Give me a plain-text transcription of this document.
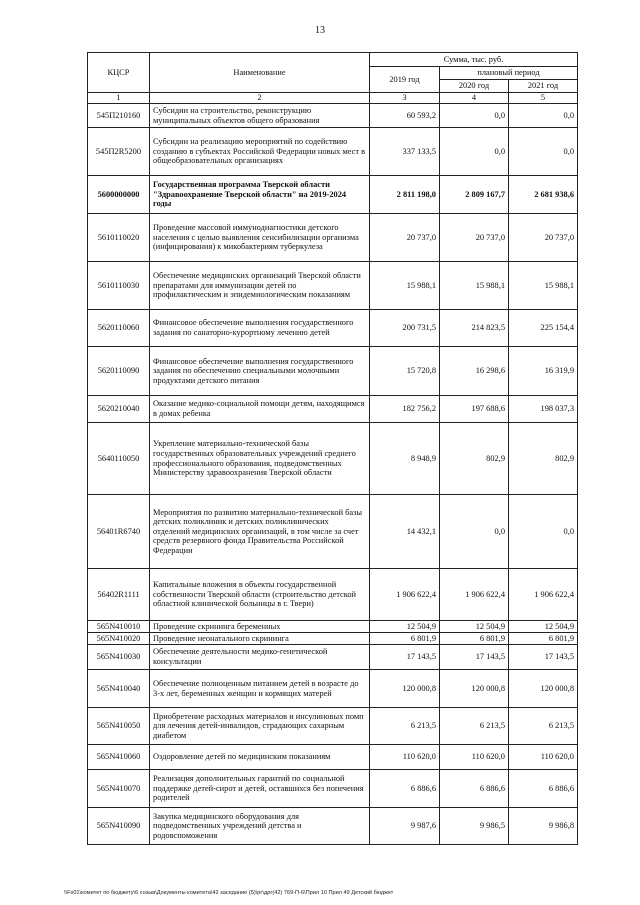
13
КЦСР	Наименование	Сумма, тыс. руб.		
		2019 год	плановый период	
			2020 год	2021 год
1	2	3	4	5
545П210160	Субсидии на строительство, реконструкцию муниципальных объектов общего образования	60 593,2	0,0	0,0
545П2R5200	Субсидии на реализацию мероприятий по содействию созданию в субъектах Российской Федерации новых мест в общеобразовательных организациях	337 133,5	0,0	0,0
5600000000	Государственная программа Тверской области "Здравоохранение Тверской области" на 2019-2024 годы	2 811 198,0	2 809 167,7	2 681 938,6
5610110020	Проведение массовой иммунодиагностики детского населения с целью выявления сенсибилизации организма (инфицирования) к микобактериям туберкулеза	20 737,0	20 737,0	20 737,0
5610110030	Обеспечение медицинских организаций Тверской области препаратами для иммунизации детей по профилактическим и эпидемиологическим показаниям	15 988,1	15 988,1	15 988,1
5620110060	Финансовое обеспечение выполнения государственного задания по санаторно-курортному лечению детей	200 731,5	214 823,5	225 154,4
5620110090	Финансовое обеспечение выполнения государственного задания по обеспечению специальными молочными продуктами детского питания	15 720,8	16 298,6	16 319,9
5620210040	Оказание медико-социальной помощи детям, находящимся в домах ребенка	182 756,2	197 688,6	198 037,3
5640110050	Укрепление материально-технической базы государственных образовательных учреждений среднего профессионального образования, подведомственных Министерству здравоохранения Тверской области	8 948,9	802,9	802,9
56401R6740	Мероприятия по развитию материально-технической базы детских поликлиник и детских поликлинических отделений медицинских организаций, в том числе за счет средств резервного фонда Правительства Российской Федерации	14 432,1	0,0	0,0
56402R1111	Капитальные вложения в объекты государственной собственности Тверской области (строительство детской областной клинической больницы в г. Твери)	1 906 622,4	1 906 622,4	1 906 622,4
565N410010	Проведение скрининга беременных	12 504,9	12 504,9	12 504,9
565N410020	Проведение неонатального скрининга	6 801,9	6 801,9	6 801,9
565N410030	Обеспечение деятельности медико-генетической консультации	17 143,5	17 143,5	17 143,5
565N410040	Обеспечение полноценным питанием детей в возрасте до 3-х лет, беременных женщин и кормящих матерей	120 000,8	120 000,8	120 000,8
565N410050	Приобретение расходных материалов и инсулиновых помп для лечения детей-инвалидов, страдающих сахарным диабетом	6 213,5	6 213,5	6 213,5
565N410060	Оздоровление детей по медицинским показаниям	110 620,0	110 620,0	110 620,0
565N410070	Реализация дополнительных гарантий по социальной поддержке детей-сирот и детей, оставшихся без попечения родителей	6 886,6	6 886,6	6 886,6
565N410090	Закупка медицинского оборудования для подведомственных учреждений детства и родовспоможения	9 987,6	9 986,5	9 986,8
\\Fs01\комитет по бюджету\6 созыв\Документы комитета\42 заседание (5)\рг\дрг(42) 769-П-6\Прил 10 Прил 49 Детский бюджет
